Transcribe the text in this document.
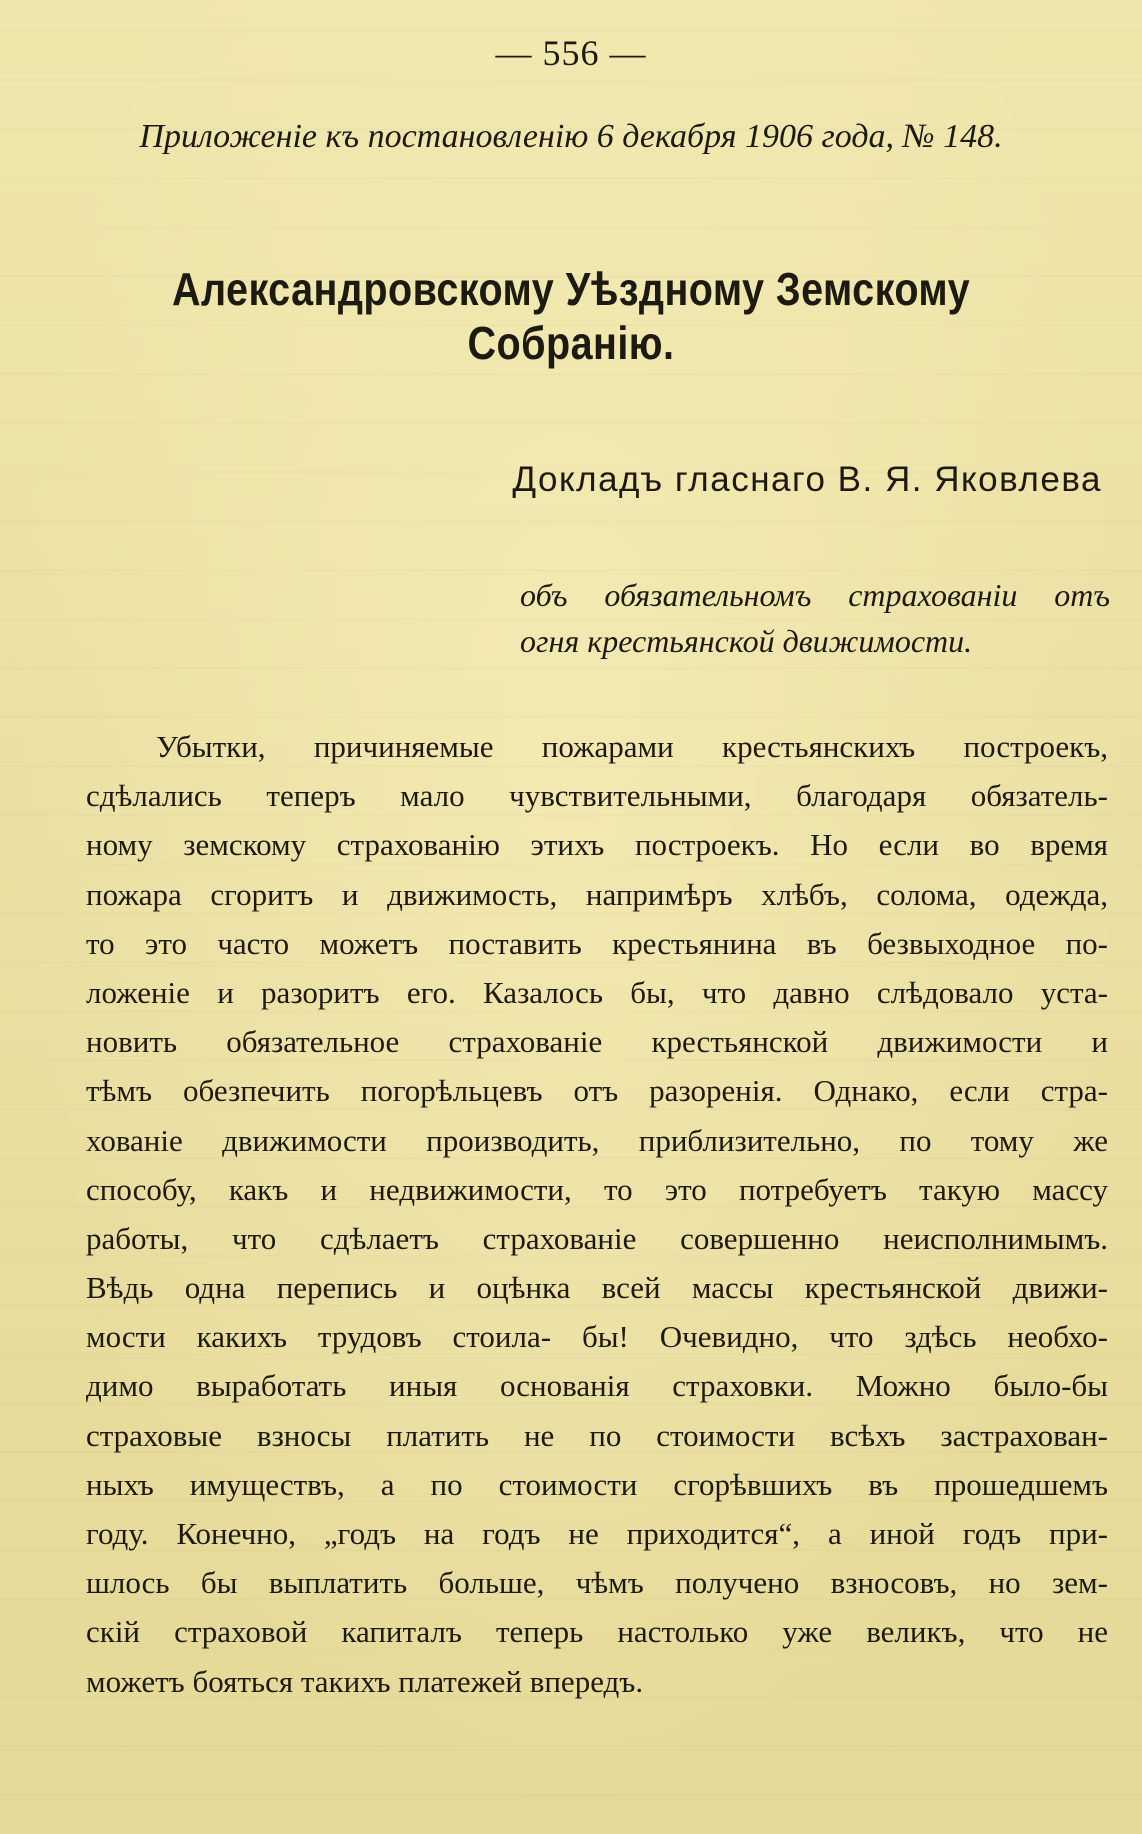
— 556 —
Приложеніе къ постановленію 6 декабря 1906 года, № 148.
Александровскому Уѣздному Земскому Собранію.
Докладъ гласнаго В. Я. Яковлева
объ обязательномъ страхованіи отъ
огня крестьянской движимости.
Убытки, причиняемые пожарами крестьянскихъ построекъ,
сдѣлались теперъ мало чувствительными, благодаря обязатель-
ному земскому страхованію этихъ построекъ. Но если во время
пожара сгоритъ и движимость, напримѣръ хлѣбъ, солома, одежда,
то это часто можетъ поставить крестьянина въ безвыходное по-
ложеніе и разоритъ его. Казалось бы, что давно слѣдовало уста-
новить обязательное страхованіе крестьянской движимости и
тѣмъ обезпечить погорѣльцевъ отъ разоренія. Однако, если стра-
хованіе движимости производить, приблизительно, по тому же
способу, какъ и недвижимости, то это потребуетъ такую массу
работы, что сдѣлаетъ страхованіе совершенно неисполнимымъ.
Вѣдь одна перепись и оцѣнка всей массы крестьянской движи-
мости какихъ трудовъ стоила- бы! Очевидно, что здѣсь необхо-
димо выработать иныя основанія страховки. Можно было-бы
страховые взносы платить не по стоимости всѣхъ застрахован-
ныхъ имуществъ, а по стоимости сгорѣвшихъ въ прошедшемъ
году. Конечно, „годъ на годъ не приходится“, а иной годъ при-
шлось бы выплатить больше, чѣмъ получено взносовъ, но зем-
скій страховой капиталъ теперь настолько уже великъ, что не
можетъ бояться такихъ платежей впередъ.
